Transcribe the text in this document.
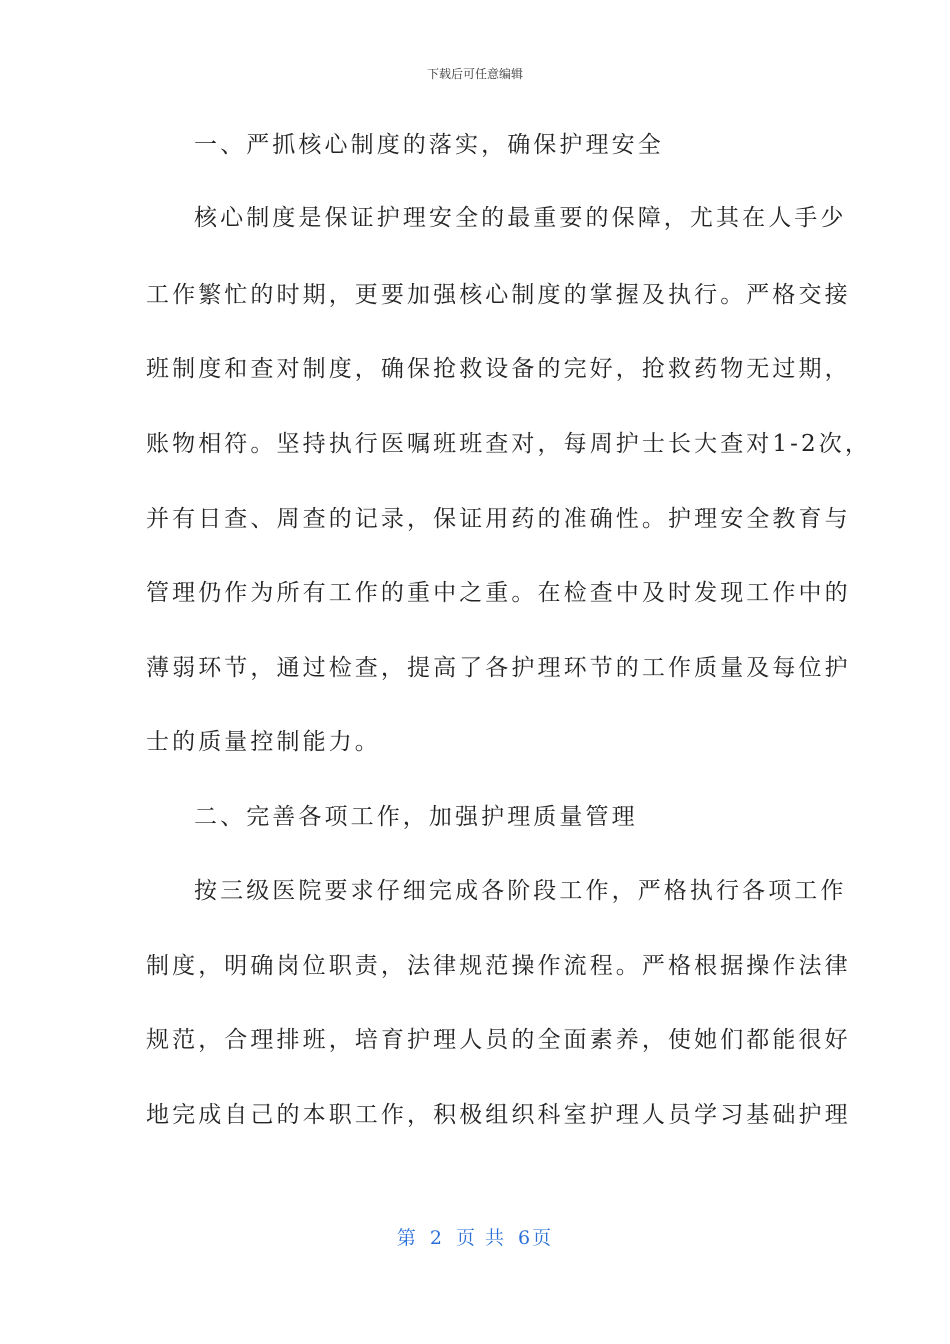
下载后可任意编辑
一、严抓核心制度的落实，确保护理安全
核心制度是保证护理安全的最重要的保障，尤其在人手少
工作繁忙的时期，更要加强核心制度的掌握及执行。严格交接
班制度和查对制度，确保抢救设备的完好，抢救药物无过期，
账物相符。坚持执行医嘱班班查对，每周护士长大查对1-2次，
并有日查、周查的记录，保证用药的准确性。护理安全教育与
管理仍作为所有工作的重中之重。在检查中及时发现工作中的
薄弱环节，通过检查，提高了各护理环节的工作质量及每位护
士的质量控制能力。
二、完善各项工作，加强护理质量管理
按三级医院要求仔细完成各阶段工作，严格执行各项工作
制度，明确岗位职责，法律规范操作流程。严格根据操作法律
规范，合理排班，培育护理人员的全面素养，使她们都能很好
地完成自己的本职工作，积极组织科室护理人员学习基础护理
第 2 页 共 6页
